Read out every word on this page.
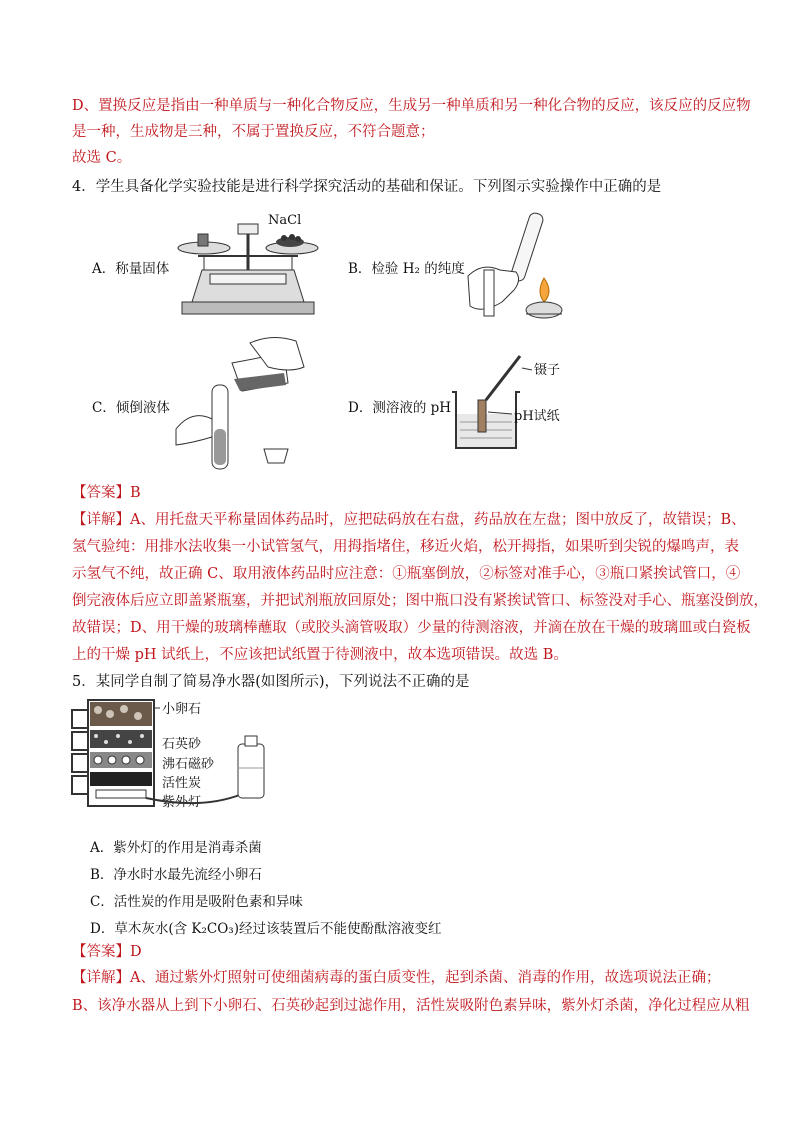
D、置换反应是指由一种单质与一种化合物反应，生成另一种单质和另一种化合物的反应，该反应的反应物
是一种，生成物是三种，不属于置换反应，不符合题意；
故选 C。
4．学生具备化学实验技能是进行科学探究活动的基础和保证。下列图示实验操作中正确的是
A．称量固体
NaCl
B．检验 H₂ 的纯度
C．倾倒液体	D．测溶液的 pH
镊子
pH试纸
【答案】B
【详解】A、用托盘天平称量固体药品时，应把砝码放在右盘，药品放在左盘；图中放反了，故错误；B、
氢气验纯：用排水法收集一小试管氢气，用拇指堵住，移近火焰，松开拇指，如果听到尖锐的爆鸣声，表
示氢气不纯，故正确 C、取用液体药品时应注意：①瓶塞倒放，②标签对准手心，③瓶口紧挨试管口，④
倒完液体后应立即盖紧瓶塞，并把试剂瓶放回原处；图中瓶口没有紧挨试管口、标签没对手心、瓶塞没倒放，
故错误；D、用干燥的玻璃棒蘸取（或胶头滴管吸取）少量的待测溶液，并滴在放在干燥的玻璃皿或白瓷板
上的干燥 pH 试纸上，不应该把试纸置于待测液中，故本选项错误。故选 B。
5．某同学自制了简易净水器(如图所示)，下列说法不正确的是
小卵石
石英砂
沸石磁砂
活性炭
紫外灯
A．紫外灯的作用是消毒杀菌
B．净水时水最先流经小卵石
C．活性炭的作用是吸附色素和异味
D．草木灰水(含 K₂CO₃)经过该装置后不能使酚酞溶液变红
【答案】D
【详解】A、通过紫外灯照射可使细菌病毒的蛋白质变性，起到杀菌、消毒的作用，故选项说法正确；
B、该净水器从上到下小卵石、石英砂起到过滤作用，活性炭吸附色素异味，紫外灯杀菌，净化过程应从粗
